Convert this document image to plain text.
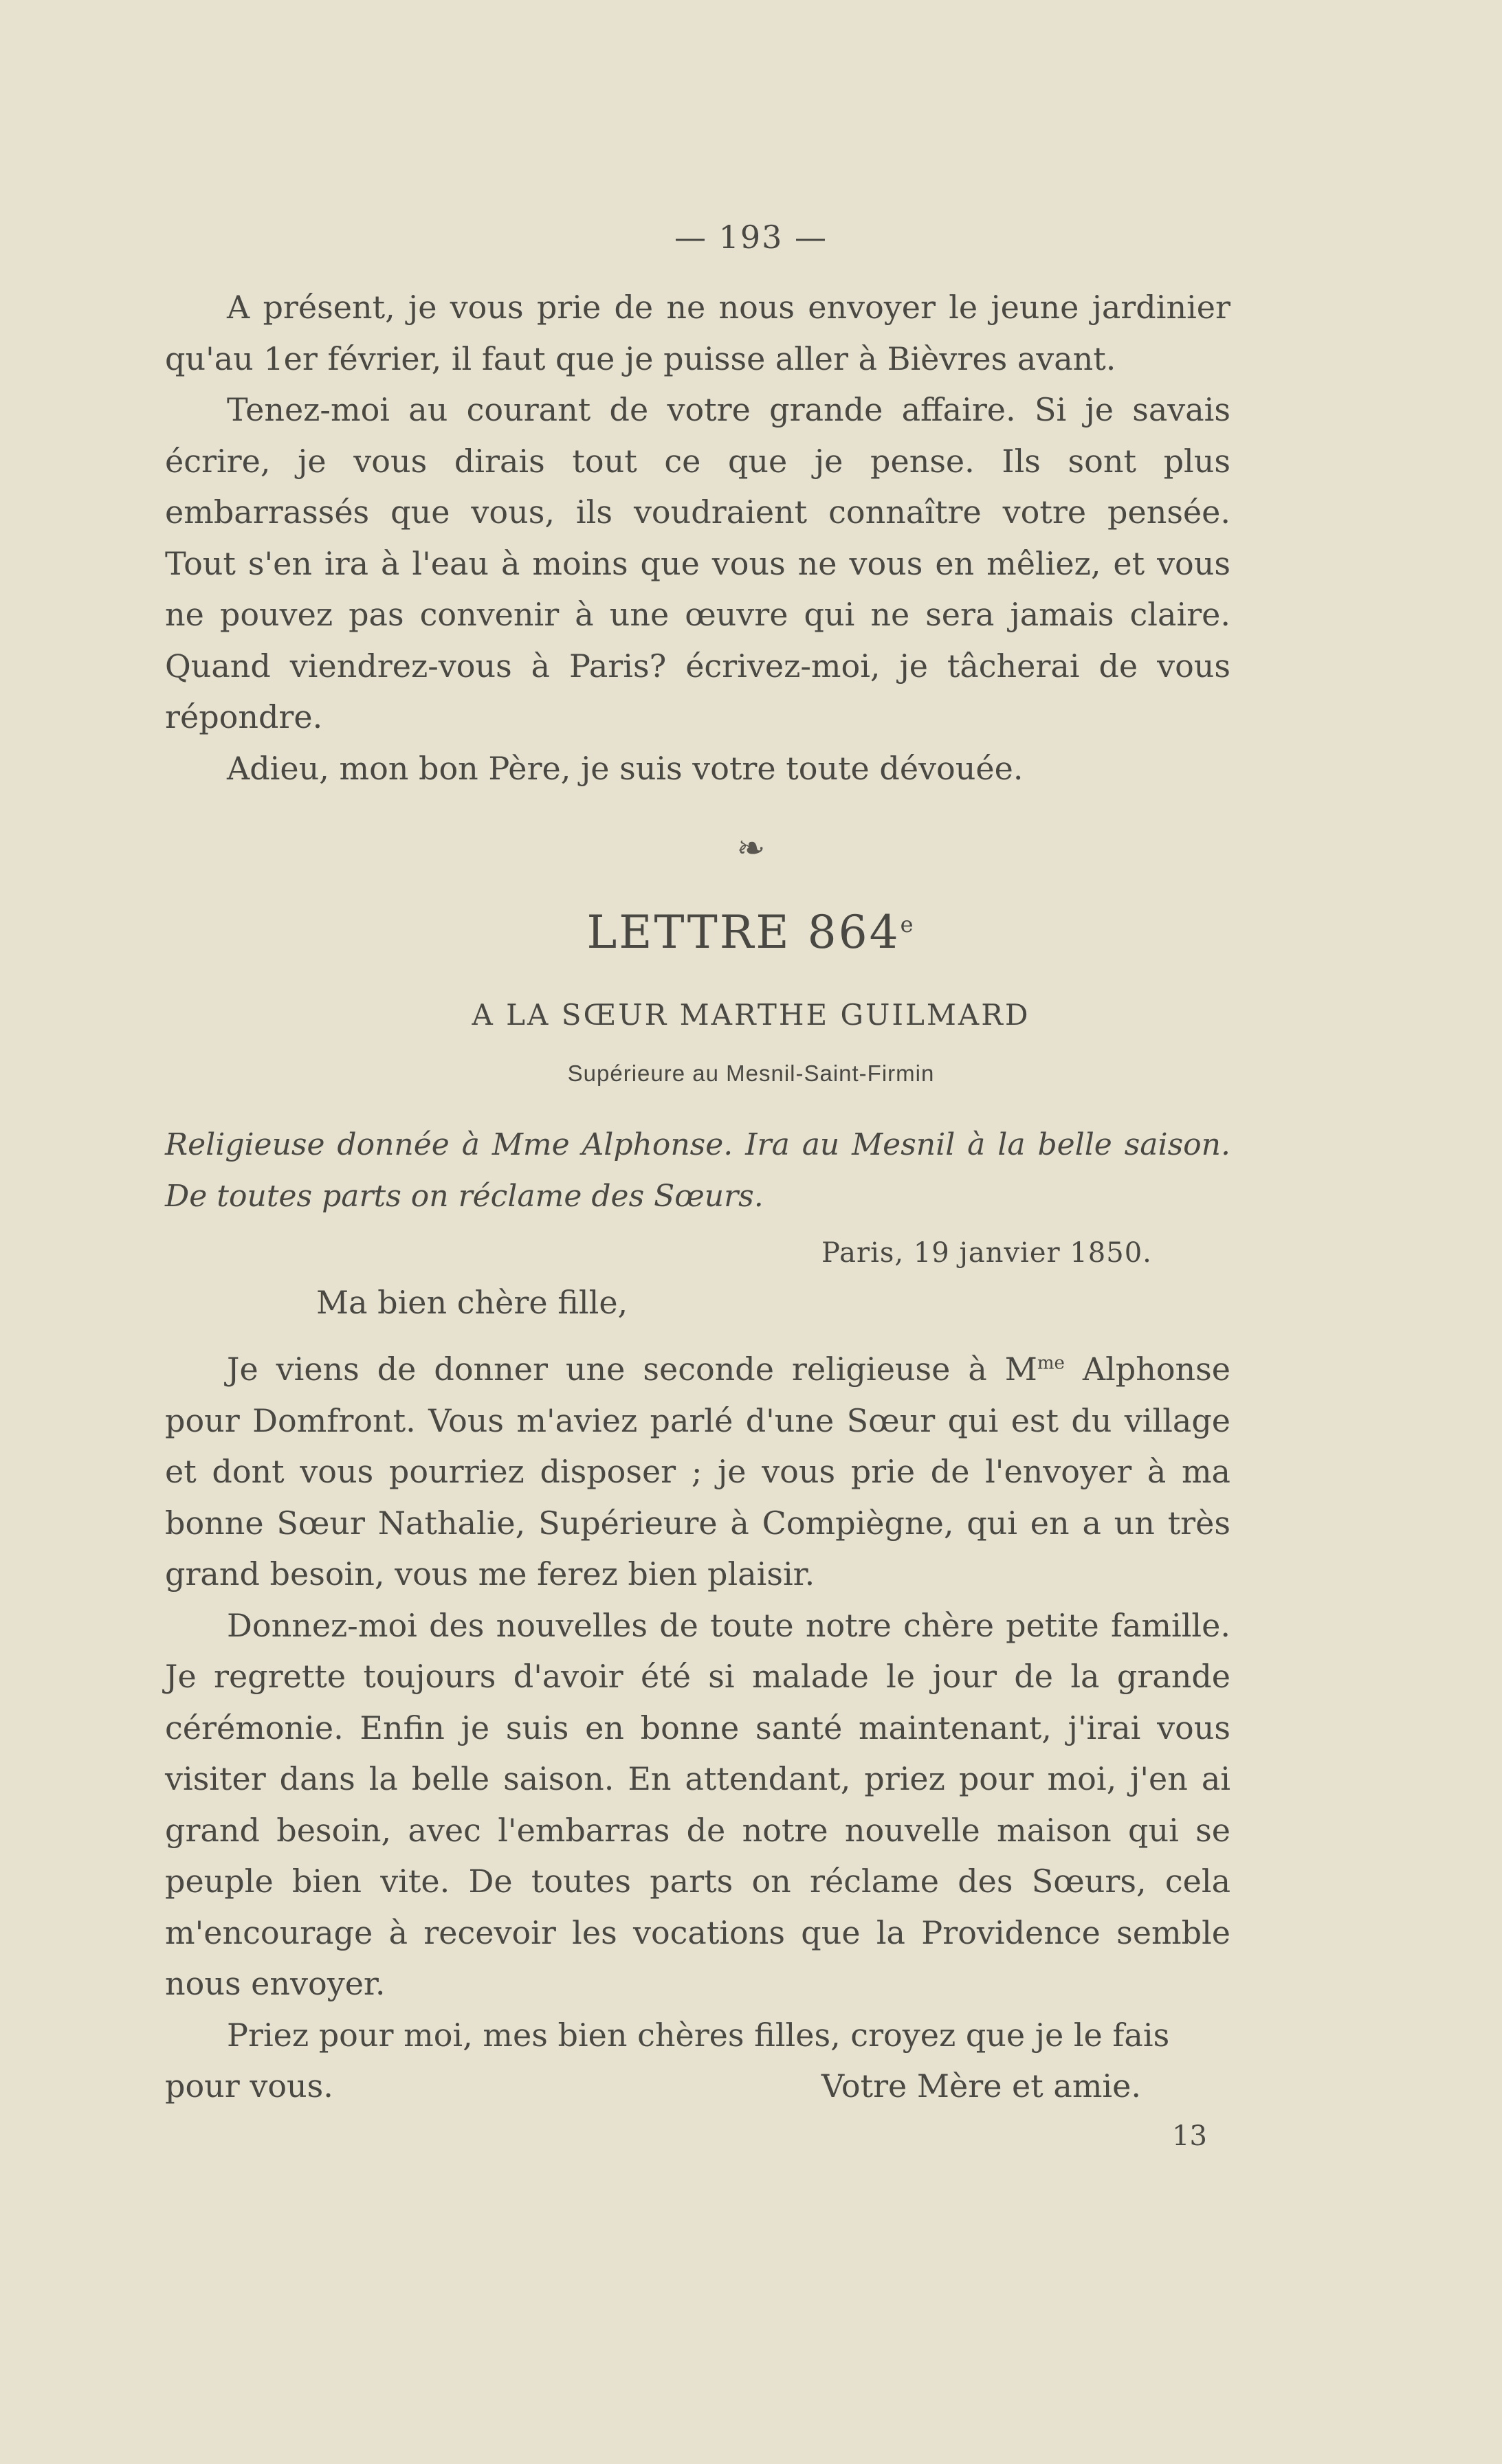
— 193 —

A présent, je vous prie de ne nous envoyer le jeune jardinier qu'au 1er février, il faut que je puisse aller à Bièvres avant.

Tenez-moi au courant de votre grande affaire. Si je savais écrire, je vous dirais tout ce que je pense. Ils sont plus embarrassés que vous, ils voudraient connaître votre pensée. Tout s'en ira à l'eau à moins que vous ne vous en mêliez, et vous ne pouvez pas convenir à une œuvre qui ne sera jamais claire. Quand viendrez-vous à Paris? écrivez-moi, je tâcherai de vous répondre.

Adieu, mon bon Père, je suis votre toute dévouée.

❧
LETTRE 864e
A LA SŒUR MARTHE GUILMARD
Supérieure au Mesnil-Saint-Firmin
Religieuse donnée à Mme Alphonse. Ira au Mesnil à la belle saison. De toutes parts on réclame des Sœurs.
Paris, 19 janvier 1850.
Ma bien chère fille,

Je viens de donner une seconde religieuse à $M^{me}$ Alphonse pour Domfront. Vous m'aviez parlé d'une Sœur qui est du village et dont vous pourriez disposer ; je vous prie de l'envoyer à ma bonne Sœur Nathalie, Supérieure à Compiègne, qui en a un très grand besoin, vous me ferez bien plaisir.

Donnez-moi des nouvelles de toute notre chère petite famille. Je regrette toujours d'avoir été si malade le jour de la grande cérémonie. Enfin je suis en bonne santé maintenant, j'irai vous visiter dans la belle saison. En attendant, priez pour moi, j'en ai grand besoin, avec l'embarras de notre nouvelle maison qui se peuple bien vite. De toutes parts on réclame des Sœurs, cela m'encourage à recevoir les vocations que la Providence semble nous envoyer.

Priez pour moi, mes bien chères filles, croyez que je le fais

pour vous.	Votre Mère et amie.
13
